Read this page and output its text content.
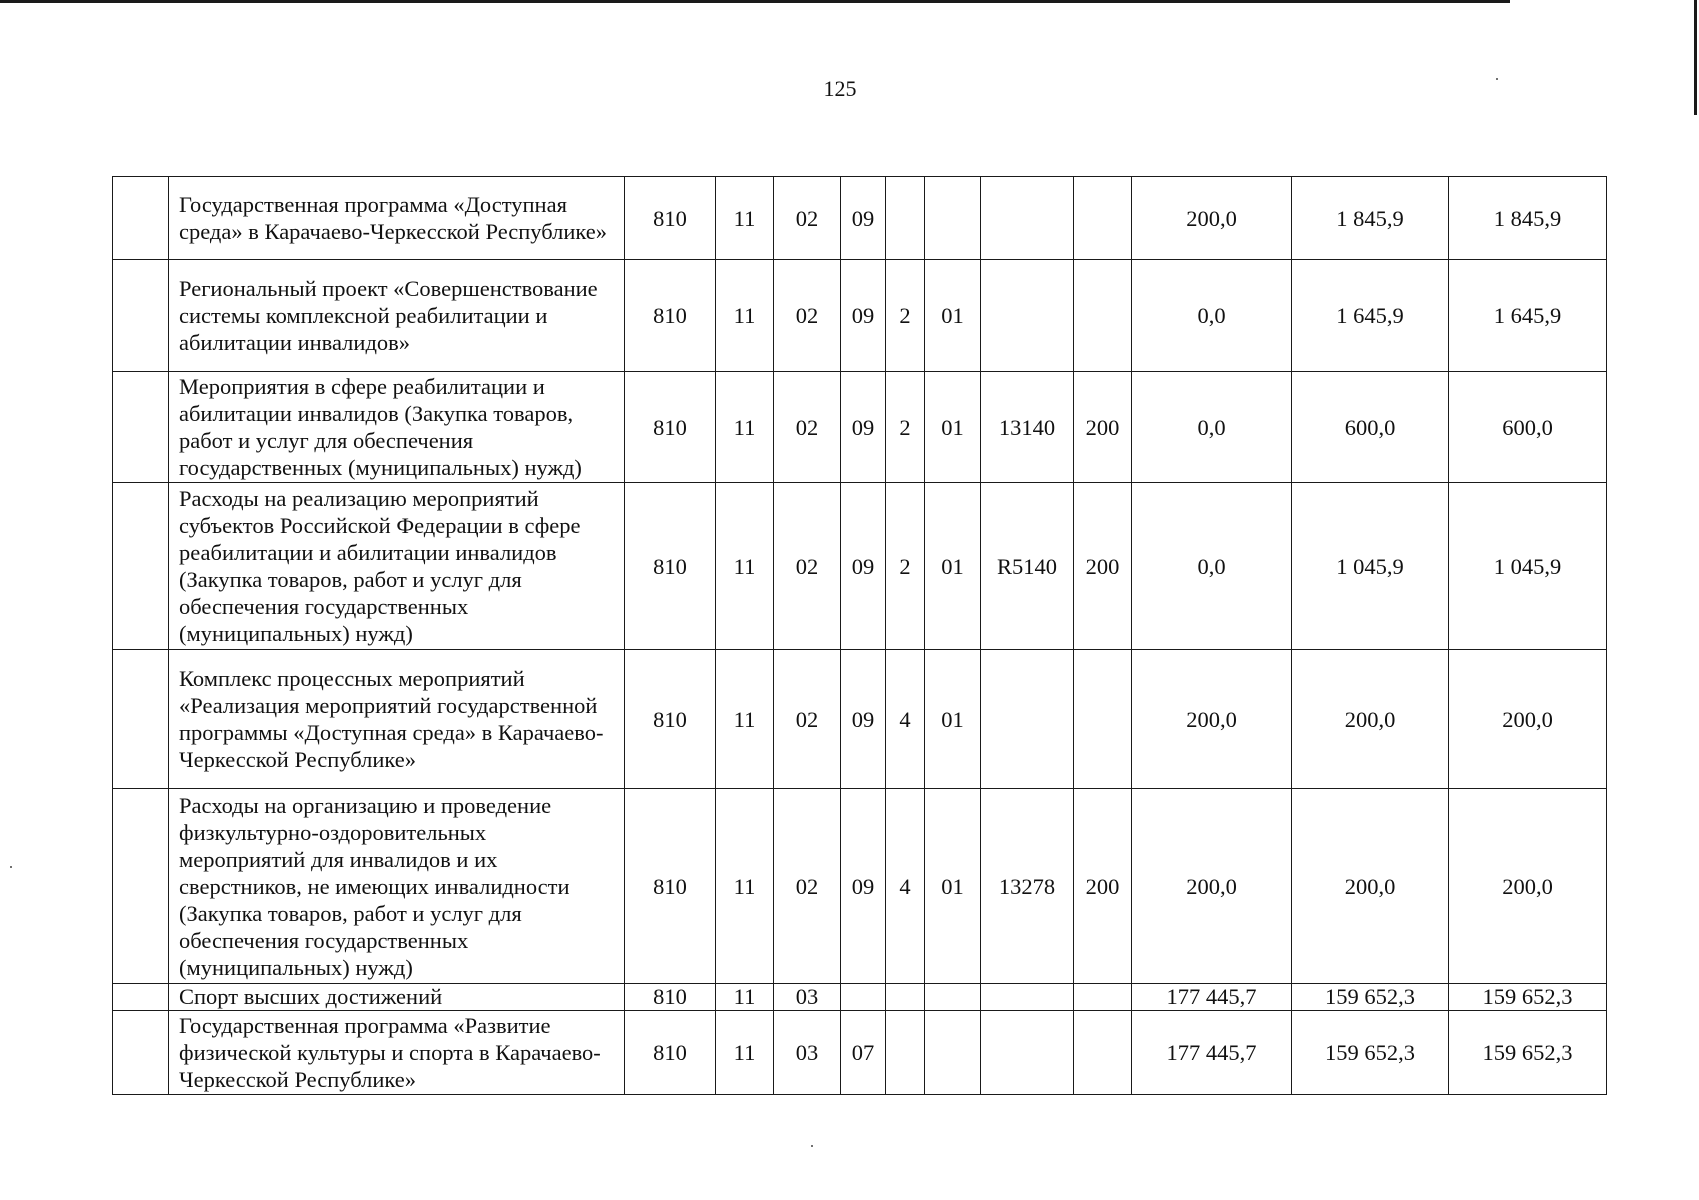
125
	Государственная программа «Доступная среда» в Карачаево-Черкесской Республике»	810	11	02	09					200,0	1 845,9	1 845,9
	Региональный проект «Совершенствование системы комплексной реабилитации и абилитации инвалидов»	810	11	02	09	2	01			0,0	1 645,9	1 645,9
	Мероприятия в сфере реабилитации и абилитации инвалидов (Закупка товаров, работ и услуг для обеспечения государственных (муниципальных) нужд)	810	11	02	09	2	01	13140	200	0,0	600,0	600,0
	Расходы на реализацию мероприятий субъектов Российской Федерации в сфере реабилитации и абилитации инвалидов (Закупка товаров, работ и услуг для обеспечения государственных (муниципальных) нужд)	810	11	02	09	2	01	R5140	200	0,0	1 045,9	1 045,9
	Комплекс процессных мероприятий «Реализация мероприятий государственной программы «Доступная среда» в Карачаево-Черкесской Республике»	810	11	02	09	4	01			200,0	200,0	200,0
	Расходы на организацию и проведение физкультурно-оздоровительных мероприятий для инвалидов и их сверстников, не имеющих инвалидности (Закупка товаров, работ и услуг для обеспечения государственных (муниципальных) нужд)	810	11	02	09	4	01	13278	200	200,0	200,0	200,0
	Спорт высших достижений	810	11	03						177 445,7	159 652,3	159 652,3
	Государственная программа «Развитие физической культуры и спорта в Карачаево-Черкесской Республике»	810	11	03	07					177 445,7	159 652,3	159 652,3
